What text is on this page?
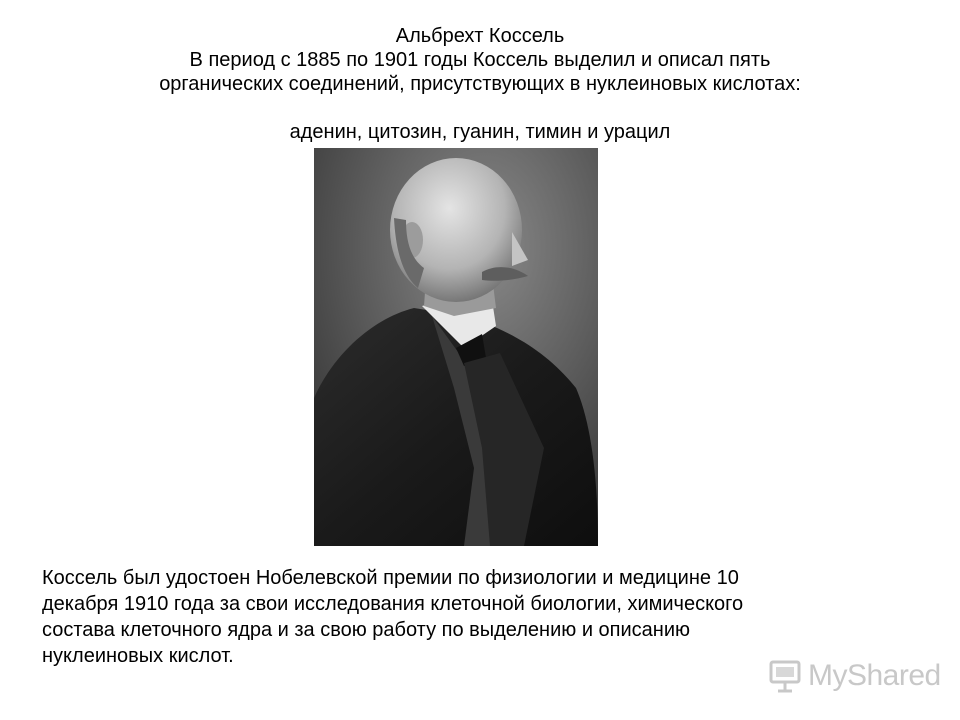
Альбрехт Коссель
В период с 1885 по 1901 годы Коссель выделил и описал пять
органических соединений, присутствующих в нуклеиновых кислотах:
аденин, цитозин, гуанин, тимин и урацил
Коссель был удостоен Нобелевской премии по физиологии и медицине 10
декабря 1910 года за свои исследования клеточной биологии, химического
состава клеточного ядра и за свою работу по выделению и описанию
нуклеиновых кислот.
MyShared
